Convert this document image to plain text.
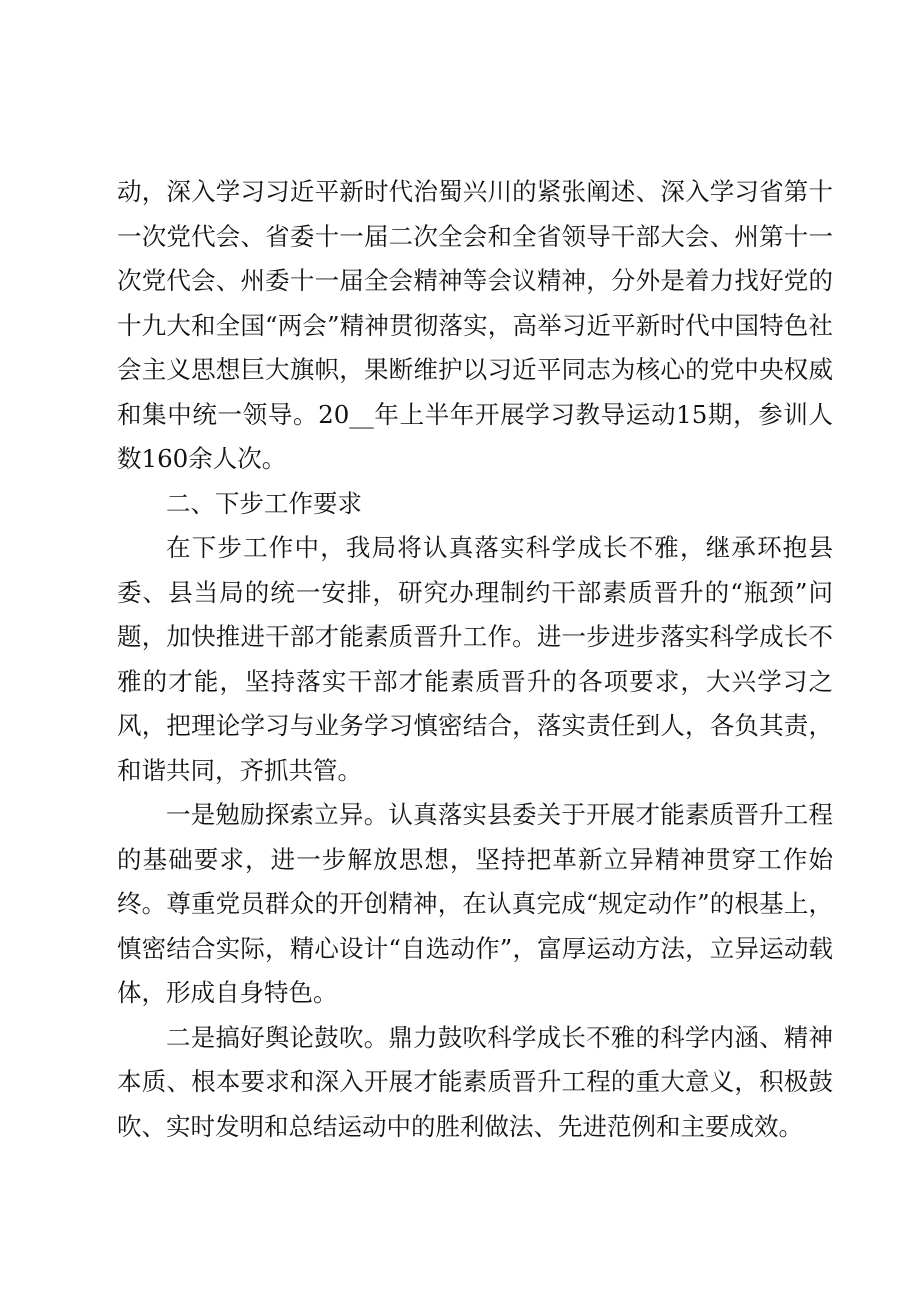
动，深入学习习近平新时代治蜀兴川的紧张阐述、深入学习省第十一次党代会、省委十一届二次全会和全省领导干部大会、州第十一次党代会、州委十一届全会精神等会议精神，分外是着力找好党的十九大和全国“两会”精神贯彻落实，高举习近平新时代中国特色社会主义思想巨大旗帜，果断维护以习近平同志为核心的党中央权威和集中统一领导。20__年上半年开展学习教导运动15期，参训人数160余人次。

二、下步工作要求

在下步工作中，我局将认真落实科学成长不雅，继承环抱县委、县当局的统一安排，研究办理制约干部素质晋升的“瓶颈”问题，加快推进干部才能素质晋升工作。进一步进步落实科学成长不雅的才能，坚持落实干部才能素质晋升的各项要求，大兴学习之风，把理论学习与业务学习慎密结合，落实责任到人，各负其责，和谐共同，齐抓共管。

一是勉励探索立异。认真落实县委关于开展才能素质晋升工程的基础要求，进一步解放思想，坚持把革新立异精神贯穿工作始终。尊重党员群众的开创精神，在认真完成“规定动作”的根基上，慎密结合实际，精心设计“自选动作”，富厚运动方法，立异运动载体，形成自身特色。

二是搞好舆论鼓吹。鼎力鼓吹科学成长不雅的科学内涵、精神本质、根本要求和深入开展才能素质晋升工程的重大意义，积极鼓吹、实时发明和总结运动中的胜利做法、先进范例和主要成效。
